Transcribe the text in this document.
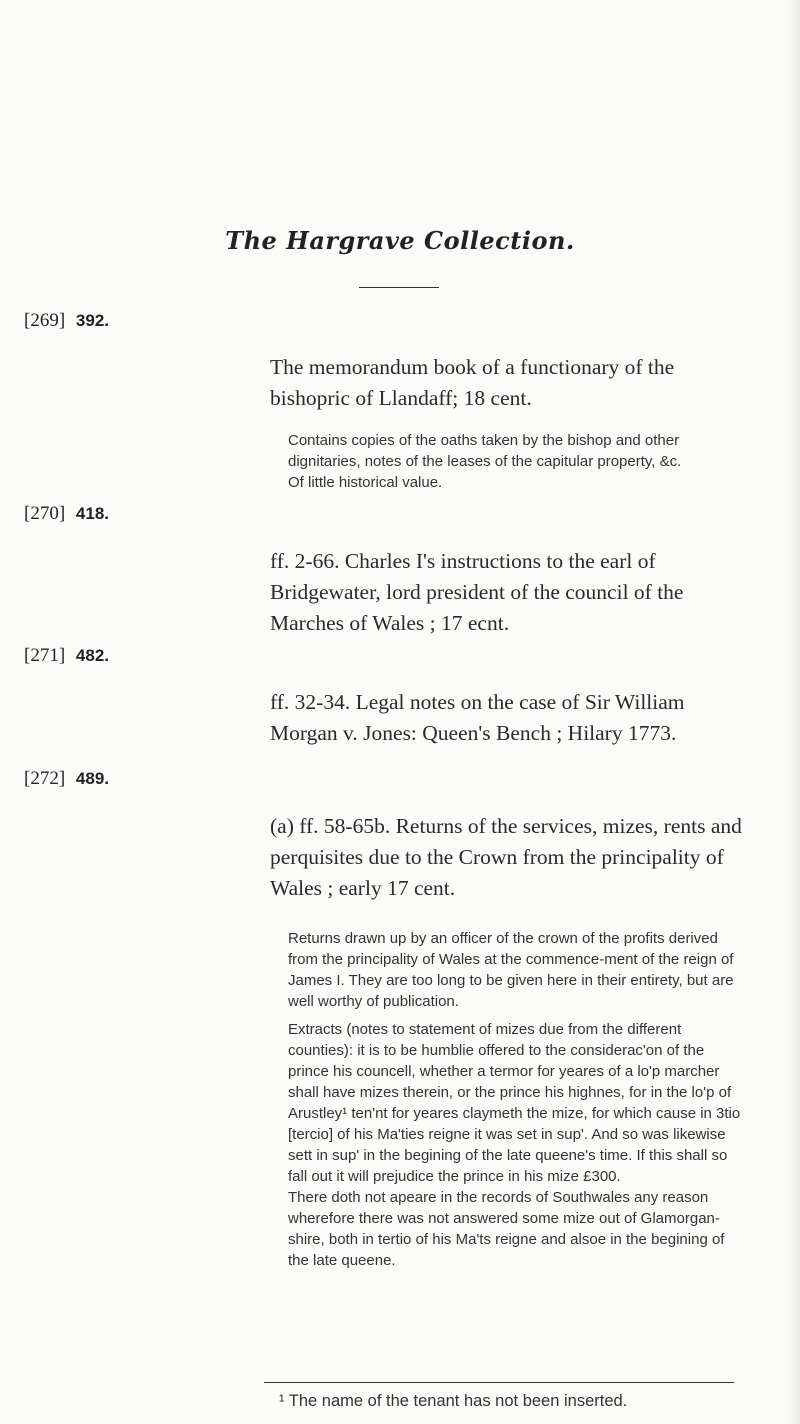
The Hargrave Collection.
[269] 392.
The memorandum book of a functionary of the bishopric of Llandaff; 18 cent.

Contains copies of the oaths taken by the bishop and other dignitaries, notes of the leases of the capitular property, &c.

Of little historical value.

[270] 418.
ff. 2-66. Charles I's instructions to the earl of Bridgewater, lord president of the council of the Marches of Wales ; 17 ecnt.
[271] 482.
ff. 32-34. Legal notes on the case of Sir William Morgan v. Jones: Queen's Bench ; Hilary 1773.
[272] 489.
(a) ff. 58-65b. Returns of the services, mizes, rents and perquisites due to the Crown from the principality of Wales ; early 17 cent.

Returns drawn up by an officer of the crown of the profits derived from the principality of Wales at the commence-ment of the reign of James I. They are too long to be given here in their entirety, but are well worthy of publication.

Extracts (notes to statement of mizes due from the different counties): it is to be humblie offered to the considerac'on of the prince his councell, whether a termor for yeares of a lo'p marcher shall have mizes therein, or the prince his highnes, for in the lo'p of Arustley¹ ten'nt for yeares claymeth the mize, for which cause in 3tio [tercio] of his Ma'ties reigne it was set in sup'. And so was likewise sett in sup' in the begining of the late queene's time. If this shall so fall out it will prejudice the prince in his mize £300.

There doth not apeare in the records of Southwales any reason wherefore there was not answered some mize out of Glamorgan-shire, both in tertio of his Ma'ts reigne and alsoe in the begining of the late queene.

¹ The name of the tenant has not been inserted.
